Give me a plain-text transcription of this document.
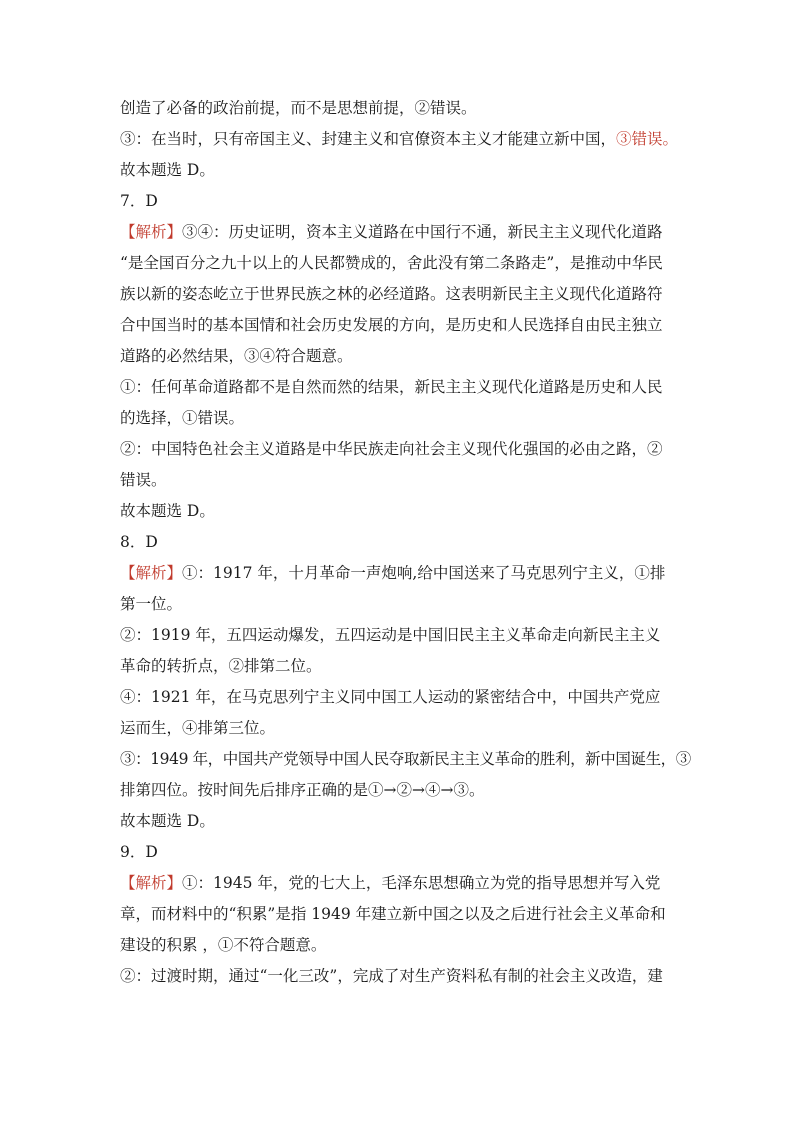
创造了必备的政治前提，而不是思想前提，②错误。
③：在当时，只有帝国主义、封建主义和官僚资本主义才能建立新中国，③错误。
故本题选 D。
7．D
【解析】③④：历史证明，资本主义道路在中国行不通，新民主主义现代化道路
“是全国百分之九十以上的人民都赞成的，舍此没有第二条路走”，是推动中华民
族以新的姿态屹立于世界民族之林的必经道路。这表明新民主主义现代化道路符
合中国当时的基本国情和社会历史发展的方向，是历史和人民选择自由民主独立
道路的必然结果，③④符合题意。
①：任何革命道路都不是自然而然的结果，新民主主义现代化道路是历史和人民
的选择，①错误。
②：中国特色社会主义道路是中华民族走向社会主义现代化强国的必由之路，②
错误。
故本题选 D。
8．D
【解析】①：1917 年，十月革命一声炮响,给中国送来了马克思列宁主义，①排
第一位。
②：1919 年，五四运动爆发，五四运动是中国旧民主主义革命走向新民主主义
革命的转折点，②排第二位。
④：1921 年，在马克思列宁主义同中国工人运动的紧密结合中，中国共产党应
运而生，④排第三位。
③：1949 年，中国共产党领导中国人民夺取新民主主义革命的胜利，新中国诞生，③
排第四位。按时间先后排序正确的是①→②→④→③。
故本题选 D。
9．D
【解析】①：1945 年，党的七大上，毛泽东思想确立为党的指导思想并写入党
章，而材料中的“积累”是指 1949 年建立新中国之以及之后进行社会主义革命和
建设的积累 ，①不符合题意。
②：过渡时期，通过“一化三改”，完成了对生产资料私有制的社会主义改造，建
